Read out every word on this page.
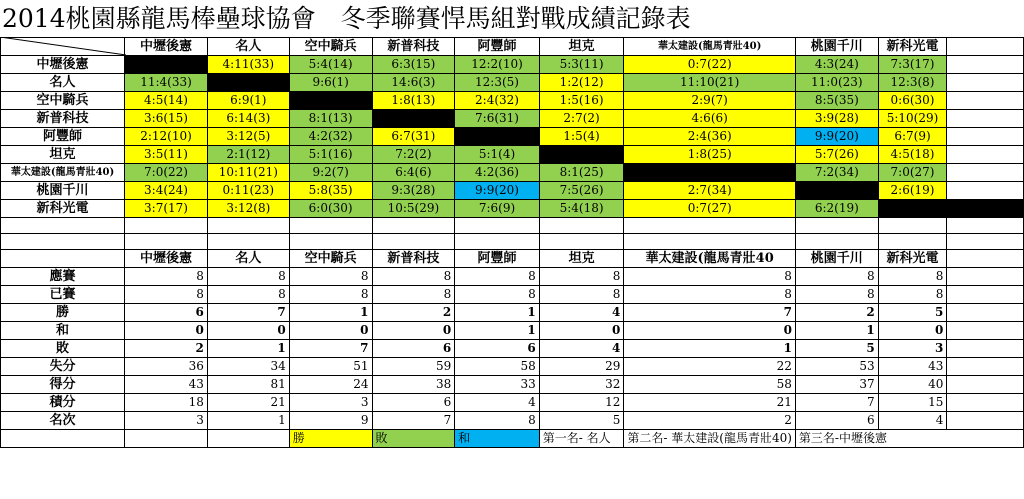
2014桃園縣龍馬棒壘球協會　冬季聯賽悍馬組對戰成績記錄表
	中壢後憲	名人	空中騎兵	新普科技	阿豐師	坦克	華太建設(龍馬青壯40)	桃園千川	新科光電	
中壢後憲		4:11(33)	5:4(14)	6:3(15)	12:2(10)	5:3(11)	0:7(22)	4:3(24)	7:3(17)	
名人	11:4(33)		9:6(1)	14:6(3)	12:3(5)	1:2(12)	11:10(21)	11:0(23)	12:3(8)	
空中騎兵	4:5(14)	6:9(1)		1:8(13)	2:4(32)	1:5(16)	2:9(7)	8:5(35)	0:6(30)	
新普科技	3:6(15)	6:14(3)	8:1(13)		7:6(31)	2:7(2)	4:6(6)	3:9(28)	5:10(29)	
阿豐師	2:12(10)	3:12(5)	4:2(32)	6:7(31)		1:5(4)	2:4(36)	9:9(20)	6:7(9)	
坦克	3:5(11)	2:1(12)	5:1(16)	7:2(2)	5:1(4)		1:8(25)	5:7(26)	4:5(18)	
華太建設(龍馬青壯40)	7:0(22)	10:11(21)	9:2(7)	6:4(6)	4:2(36)	8:1(25)		7:2(34)	7:0(27)	
桃園千川	3:4(24)	0:11(23)	5:8(35)	9:3(28)	9:9(20)	7:5(26)	2:7(34)		2:6(19)	
新科光電	3:7(17)	3:12(8)	6:0(30)	10:5(29)	7:6(9)	5:4(18)	0:7(27)	6:2(19)		

	中壢後憲	名人	空中騎兵	新普科技	阿豐師	坦克	華太建設(龍馬青壯40	桃園千川	新科光電	
應賽	8	8	8	8	8	8	8	8	8	
已賽	8	8	8	8	8	8	8	8	8	
勝	6	7	1	2	1	4	7	2	5	
和	0	0	0	0	1	0	0	1	0	
敗	2	1	7	6	6	4	1	5	3	
失分	36	34	51	59	58	29	22	53	43	
得分	43	81	24	38	33	32	58	37	40	
積分	18	21	3	6	4	12	21	7	15	
名次	3	1	9	7	8	5	2	6	4	
			勝	敗	和	第一名- 名人	第二名- 華太建設(龍馬青壯40)	第三名-中壢後憲		
